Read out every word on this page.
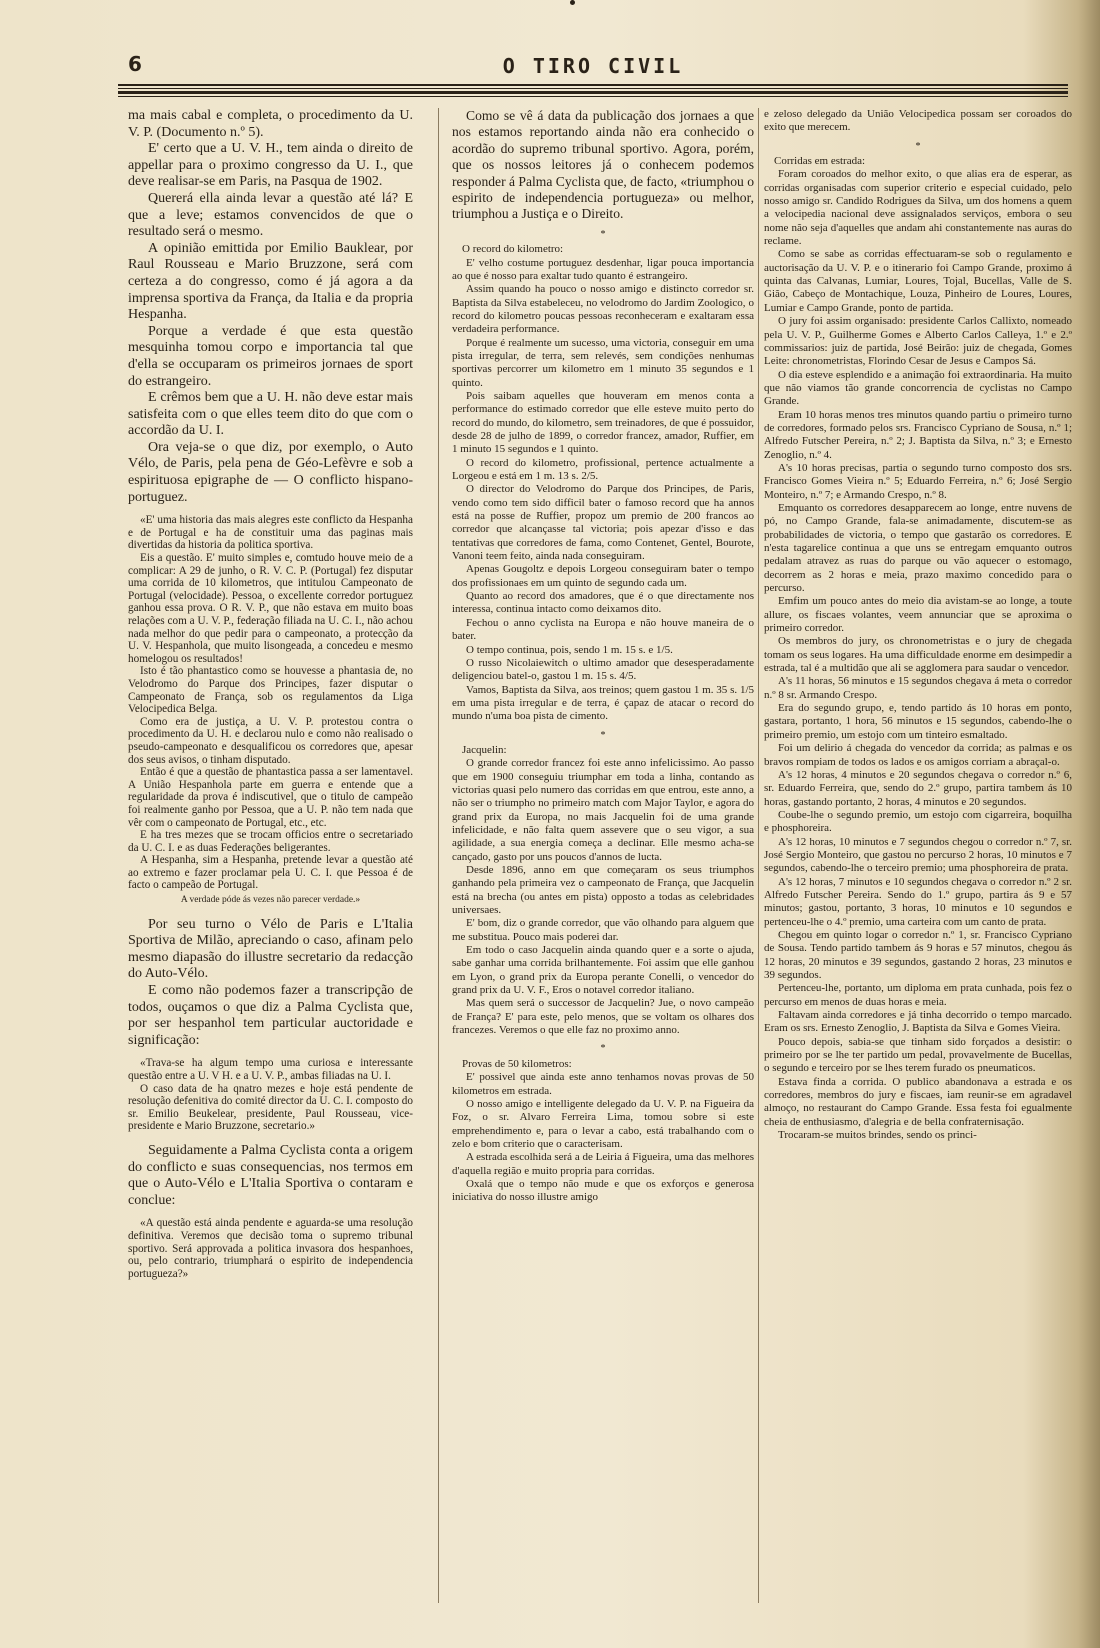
6	O TIRO CIVIL

ma mais cabal e completa, o procedimento da U. V. P. (Documento n.º 5).

E' certo que a U. V. H., tem ainda o direito de appellar para o proximo congresso da U. I., que deve realisar-se em Paris, na Pasqua de 1902.

Quererá ella ainda levar a questão até lá? E que a leve; estamos convencidos de que o resultado será o mesmo.

A opinião emittida por Emilio Bauklear, por Raul Rousseau e Mario Bruzzone, será com certeza a do congresso, como é já agora a da imprensa sportiva da França, da Italia e da propria Hespanha.

Porque a verdade é que esta questão mesquinha tomou corpo e importancia tal que d'ella se occuparam os primeiros jornaes de sport do estrangeiro.

E crêmos bem que a U. H. não deve estar mais satisfeita com o que elles teem dito do que com o accordão da U. I.

Ora veja-se o que diz, por exemplo, o Auto Vélo, de Paris, pela pena de Géo-Lefèvre e sob a espirituosa epigraphe de — O conflicto hispano-portuguez.

«E' uma historia das mais alegres este conflicto da Hespanha e de Portugal e ha de constituir uma das paginas mais divertidas da historia da politica sportiva.

Eis a questão. E' muito simples e, comtudo houve meio de a complicar: A 29 de junho, o R. V. C. P. (Portugal) fez disputar uma corrida de 10 kilometros, que intitulou Campeonato de Portugal (velocidade). Pessoa, o excellente corredor portuguez ganhou essa prova. O R. V. P., que não estava em muito boas relações com a U. V. P., federação filiada na U. C. I., não achou nada melhor do que pedir para o campeonato, a protecção da U. V. Hespanhola, que muito lisongeada, a concedeu e mesmo homelogou os resultados!

Isto é tão phantastico como se houvesse a phantasia de, no Velodromo do Parque dos Principes, fazer disputar o Campeonato de França, sob os regulamentos da Liga Velocipedica Belga.

Como era de justiça, a U. V. P. protestou contra o procedimento da U. H. e declarou nulo e como não realisado o pseudo-campeonato e desqualificou os corredores que, apesar dos seus avisos, o tinham disputado.

Então é que a questão de phantastica passa a ser lamentavel. A União Hespanhola parte em guerra e entende que a regularidade da prova é indiscutivel, que o titulo de campeão foi realmente ganho por Pessoa, que a U. P. não tem nada que vêr com o campeonato de Portugal, etc., etc.

E ha tres mezes que se trocam officios entre o secretariado da U. C. I. e as duas Federações beligerantes.

A Hespanha, sim a Hespanha, pretende levar a questão até ao extremo e fazer proclamar pela U. C. I. que Pessoa é de facto o campeão de Portugal.

A verdade póde ás vezes não parecer verdade.»

Por seu turno o Vélo de Paris e L'Italia Sportiva de Milão, apreciando o caso, afinam pelo mesmo diapasão do illustre secretario da redacção do Auto-Vélo.

E como não podemos fazer a transcripção de todos, ouçamos o que diz a Palma Cyclista que, por ser hespanhol tem particular auctoridade e significação:

«Trava-se ha algum tempo uma curiosa e interessante questão entre a U. V H. e a U. V. P., ambas filiadas na U. I.

O caso data de ha qnatro mezes e hoje está pendente de resolução defenitiva do comité director da U. C. I. composto do sr. Emilio Beukelear, presidente, Paul Rousseau, vice-presidente e Mario Bruzzone, secretario.»

Seguidamente a Palma Cyclista conta a origem do conflicto e suas consequencias, nos termos em que o Auto-Vélo e L'Italia Sportiva o contaram e conclue:

«A questão está ainda pendente e aguarda-se uma resolução definitiva. Veremos que decisão toma o supremo tribunal sportivo. Será approvada a politica invasora dos hespanhoes, ou, pelo contrario, triumphará o espirito de independencia portugueza?»

Como se vê á data da publicação dos jornaes a que nos estamos reportando ainda não era conhecido o acordão do supremo tribunal sportivo. Agora, porém, que os nossos leitores já o conhecem podemos responder á Palma Cyclista que, de facto, «triumphou o espirito de independencia portugueza» ou melhor, triumphou a Justiça e o Direito.

*

O record do kilometro:

E' velho costume portuguez desdenhar, ligar pouca importancia ao que é nosso para exaltar tudo quanto é estrangeiro.

Assim quando ha pouco o nosso amigo e distincto corredor sr. Baptista da Silva estabeleceu, no velodromo do Jardim Zoologico, o record do kilometro poucas pessoas reconheceram e exaltaram essa verdadeira performance.

Porque é realmente um sucesso, uma victoria, conseguir em uma pista irregular, de terra, sem relevés, sem condições nenhumas sportivas percorrer um kilometro em 1 minuto 35 segundos e 1 quinto.

Pois saibam aquelles que houveram em menos conta a performance do estimado corredor que elle esteve muito perto do record do mundo, do kilometro, sem treinadores, de que é possuidor, desde 28 de julho de 1899, o corredor francez, amador, Ruffier, em 1 minuto 15 segundos e 1 quinto.

O record do kilometro, profissional, pertence actualmente a Lorgeou e está em 1 m. 13 s. 2/5.

O director do Velodromo do Parque dos Principes, de Paris, vendo como tem sido difficil bater o famoso record que ha annos está na posse de Ruffier, propoz um premio de 200 francos ao corredor que alcançasse tal victoria; pois apezar d'isso e das tentativas que corredores de fama, como Contenet, Gentel, Bourote, Vanoni teem feito, ainda nada conseguiram.

Apenas Gougoltz e depois Lorgeou conseguiram bater o tempo dos profissionaes em um quinto de segundo cada um.

Quanto ao record dos amadores, que é o que directamente nos interessa, continua intacto como deixamos dito.

Fechou o anno cyclista na Europa e não houve maneira de o bater.

O tempo continua, pois, sendo 1 m. 15 s. e 1/5.

O russo Nicolaiewitch o ultimo amador que desesperadamente deligenciou batel-o, gastou 1 m. 15 s. 4/5.

Vamos, Baptista da Silva, aos treinos; quem gastou 1 m. 35 s. 1/5 em uma pista irregular e de terra, é çapaz de atacar o record do mundo n'uma boa pista de cimento.

*

Jacquelin:

O grande corredor francez foi este anno infelicissimo. Ao passo que em 1900 conseguiu triumphar em toda a linha, contando as victorias quasi pelo numero das corridas em que entrou, este anno, a não ser o triumpho no primeiro match com Major Taylor, e agora do grand prix da Europa, no mais Jacquelin foi de uma grande infelicidade, e não falta quem assevere que o seu vigor, a sua agilidade, a sua energia começa a declinar. Elle mesmo acha-se cançado, gasto por uns poucos d'annos de lucta.

Desde 1896, anno em que começaram os seus triumphos ganhando pela primeira vez o campeonato de França, que Jacquelin está na brecha (ou antes em pista) opposto a todas as celebridades universaes.

E' bom, diz o grande corredor, que vão olhando para alguem que me substitua. Pouco mais poderei dar.

Em todo o caso Jacquelin ainda quando quer e a sorte o ajuda, sabe ganhar uma corrida brilhantemente. Foi assim que elle ganhou em Lyon, o grand prix da Europa perante Conelli, o vencedor do grand prix da U. V. F., Eros o notavel corredor italiano.

Mas quem será o successor de Jacquelin? Jue, o novo campeão de França? E' para este, pelo menos, que se voltam os olhares dos francezes. Veremos o que elle faz no proximo anno.

*

Provas de 50 kilometros:

E' possivel que ainda este anno tenhamos novas provas de 50 kilometros em estrada.

O nosso amigo e intelligente delegado da U. V. P. na Figueira da Foz, o sr. Alvaro Ferreira Lima, tomou sobre si este emprehendimento e, para o levar a cabo, está trabalhando com o zelo e bom criterio que o caracterisam.

A estrada escolhida será a de Leiria á Figueira, uma das melhores d'aquella região e muito propria para corridas.

Oxalá que o tempo não mude e que os exforços e generosa iniciativa do nosso illustre amigo

e zeloso delegado da União Velocipedica possam ser coroados do exito que merecem.

*

Corridas em estrada:

Foram coroados do melhor exito, o que alias era de esperar, as corridas organisadas com superior criterio e especial cuidado, pelo nosso amigo sr. Candido Rodrigues da Silva, um dos homens a quem a velocipedia nacional deve assignalados serviços, embora o seu nome não seja d'aquelles que andam ahi constantemente nas auras do reclame.

Como se sabe as corridas effectuaram-se sob o regulamento e auctorisação da U. V. P. e o itinerario foi Campo Grande, proximo á quinta das Calvanas, Lumiar, Loures, Tojal, Bucellas, Valle de S. Gião, Cabeço de Montachique, Louza, Pinheiro de Loures, Loures, Lumiar e Campo Grande, ponto de partida.

O jury foi assim organisado: presidente Carlos Callixto, nomeado pela U. V. P., Guilherme Gomes e Alberto Carlos Calleya, 1.º e 2.º commissarios: juiz de partida, José Beirão: juiz de chegada, Gomes Leite: chronometristas, Florindo Cesar de Jesus e Campos Sá.

O dia esteve esplendido e a animação foi extraordinaria. Ha muito que não viamos tão grande concorrencia de cyclistas no Campo Grande.

Eram 10 horas menos tres minutos quando partiu o primeiro turno de corredores, formado pelos srs. Francisco Cypriano de Sousa, n.º 1; Alfredo Futscher Pereira, n.º 2; J. Baptista da Silva, n.º 3; e Ernesto Zenoglio, n.º 4.

A's 10 horas precisas, partia o segundo turno composto dos srs. Francisco Gomes Vieira n.º 5; Eduardo Ferreira, n.º 6; José Sergio Monteiro, n.º 7; e Armando Crespo, n.º 8.

Emquanto os corredores desapparecem ao longe, entre nuvens de pó, no Campo Grande, fala-se animadamente, discutem-se as probabilidades de victoria, o tempo que gastarão os corredores. E n'esta tagarelice continua a que uns se entregam emquanto outros pedalam atravez as ruas do parque ou vão aquecer o estomago, decorrem as 2 horas e meia, prazo maximo concedido para o percurso.

Emfim um pouco antes do meio dia avistam-se ao longe, a toute allure, os fiscaes volantes, veem annunciar que se aproxima o primeiro corredor.

Os membros do jury, os chronometristas e o jury de chegada tomam os seus logares. Ha uma difficuldade enorme em desimpedir a estrada, tal é a multidão que ali se agglomera para saudar o vencedor.

A's 11 horas, 56 minutos e 15 segundos chegava á meta o corredor n.º 8 sr. Armando Crespo.

Era do segundo grupo, e, tendo partido ás 10 horas em ponto, gastara, portanto, 1 hora, 56 minutos e 15 segundos, cabendo-lhe o primeiro premio, um estojo com um tinteiro esmaltado.

Foi um delirio á chegada do vencedor da corrida; as palmas e os bravos rompiam de todos os lados e os amigos corriam a abraçal-o.

A's 12 horas, 4 minutos e 20 segundos chegava o corredor n.º 6, sr. Eduardo Ferreira, que, sendo do 2.º grupo, partira tambem ás 10 horas, gastando portanto, 2 horas, 4 minutos e 20 segundos.

Coube-lhe o segundo premio, um estojo com cigarreira, boquilha e phosphoreira.

A's 12 horas, 10 minutos e 7 segundos chegou o corredor n.º 7, sr. José Sergio Monteiro, que gastou no percurso 2 horas, 10 minutos e 7 segundos, cabendo-lhe o terceiro premio; uma phosphoreira de prata.

A's 12 horas, 7 minutos e 10 segundos chegava o corredor n.º 2 sr. Alfredo Futscher Pereira. Sendo do 1.º grupo, partira ás 9 e 57 minutos; gastou, portanto, 3 horas, 10 minutos e 10 segundos e pertenceu-lhe o 4.º premio, uma carteira com um canto de prata.

Chegou em quinto logar o corredor n.º 1, sr. Francisco Cypriano de Sousa. Tendo partido tambem ás 9 horas e 57 minutos, chegou ás 12 horas, 20 minutos e 39 segundos, gastando 2 horas, 23 minutos e 39 segundos.

Pertenceu-lhe, portanto, um diploma em prata cunhada, pois fez o percurso em menos de duas horas e meia.

Faltavam ainda corredores e já tinha decorrido o tempo marcado. Eram os srs. Ernesto Zenoglio, J. Baptista da Silva e Gomes Vieira.

Pouco depois, sabia-se que tinham sido forçados a desistir: o primeiro por se lhe ter partido um pedal, provavelmente de Bucellas, o segundo e terceiro por se lhes terem furado os pneumaticos.

Estava finda a corrida. O publico abandonava a estrada e os corredores, membros do jury e fiscaes, iam reunir-se em agradavel almoço, no restaurant do Campo Grande. Essa festa foi egualmente cheia de enthusiasmo, d'alegria e de bella confraternisação.

Trocaram-se muitos brindes, sendo os princi-
